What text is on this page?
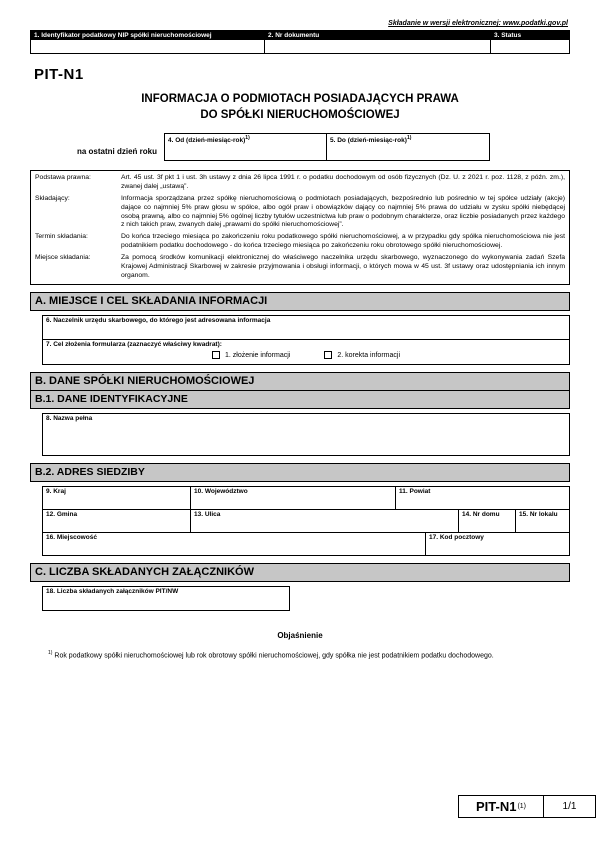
Składanie w wersji elektronicznej: www.podatki.gov.pl
1. Identyfikator podatkowy NIP spółki nieruchomościowej	2. Nr dokumentu	3. Status
PIT-N1
INFORMACJA O PODMIOTACH POSIADAJĄCYCH PRAWA
DO SPÓŁKI NIERUCHOMOŚCIOWEJ
na ostatni dzień roku
4. Od (dzień-miesiąc-rok)$^{1)}$	5. Do (dzień-miesiąc-rok)$^{1)}$
Podstawa prawna:	Art. 45 ust. 3f pkt 1 i ust. 3h ustawy z dnia 26 lipca 1991 r. o podatku dochodowym od osób fizycznych (Dz. U. z 2021 r. poz. 1128, z późn. zm.), zwanej dalej „ustawą”.
Składający:	Informacja sporządzana przez spółkę nieruchomościową o podmiotach posiadających, bezpośrednio lub pośrednio w tej spółce udziały (akcje) dające co najmniej 5% praw głosu w spółce, albo ogół praw i obowiązków dający co najmniej 5% prawa do udziału w zysku spółki niebędącej osobą prawną, albo co najmniej 5% ogólnej liczby tytułów uczestnictwa lub praw o podobnym charakterze, oraz liczbie posiadanych przez każdego z nich takich praw, zwanych dalej „prawami do spółki nieruchomościowej”.
Termin składania:	Do końca trzeciego miesiąca po zakończeniu roku podatkowego spółki nieruchomościowej, a w przypadku gdy spółka nieruchomościowa nie jest podatnikiem podatku dochodowego - do końca trzeciego miesiąca po zakończeniu roku obrotowego spółki nieruchomościowej.
Miejsce składania:	Za pomocą środków komunikacji elektronicznej do właściwego naczelnika urzędu skarbowego, wyznaczonego do wykonywania zadań Szefa Krajowej Administracji Skarbowej w zakresie przyjmowania i obsługi informacji, o których mowa w 45 ust. 3f ustawy oraz udostępniania ich innym organom.
A. MIEJSCE I CEL SKŁADANIA INFORMACJI
6. Naczelnik urzędu skarbowego, do którego jest adresowana informacja
7. Cel złożenia formularza (zaznaczyć właściwy kwadrat):
1. złożenie informacji	2. korekta informacji
B. DANE SPÓŁKI NIERUCHOMOŚCIOWEJ
B.1. DANE IDENTYFIKACYJNE
8. Nazwa pełna
B.2. ADRES SIEDZIBY
9. Kraj	10. Województwo	11. Powiat
12. Gmina	13. Ulica	14. Nr domu	15. Nr lokalu
16. Miejscowość	17. Kod pocztowy
C. LICZBA SKŁADANYCH ZAŁĄCZNIKÓW
18. Liczba składanych załączników PIT/NW
Objaśnienie
$^{1)}$ Rok podatkowy spółki nieruchomościowej lub rok obrotowy spółki nieruchomościowej, gdy spółka nie jest podatnikiem podatku dochodowego.
PIT-N1 (1)	1/1
